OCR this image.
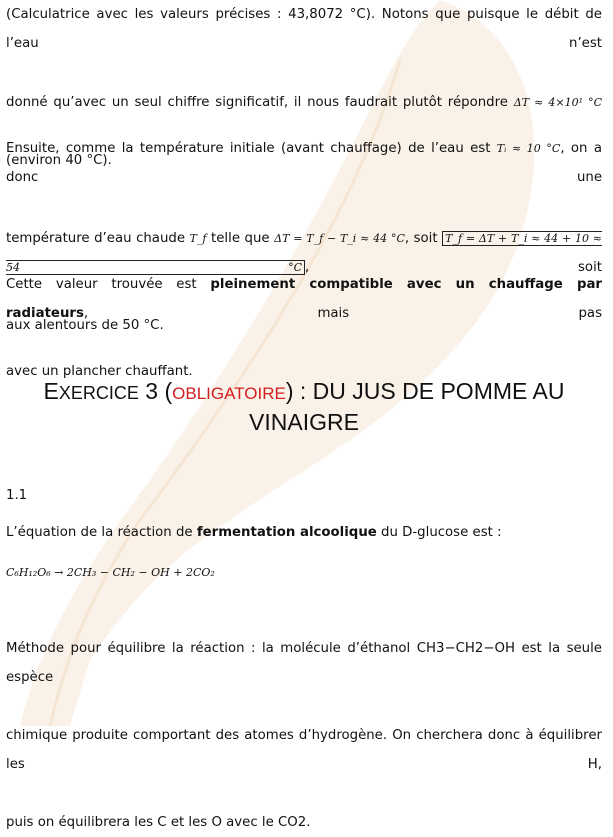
(Calculatrice avec les valeurs précises : 43,8072 °C). Notons que puisque le débit de l’eau n’est

donné qu’avec un seul chiffre significatif, il nous faudrait plutôt répondre ΔT ≈ 4×10¹ °C

(environ 40 °C).

Ensuite, comme la température initiale (avant chauffage) de l’eau est Tᵢ ≈ 10 °C, on a donc une

température d’eau chaude T_f telle que ΔT = T_f − T_i ≈ 44 °C, soit T_f = ΔT + T_i ≈ 44 + 10 ≈ 54 °C , soit

aux alentours de 50 °C.

Cette valeur trouvée est pleinement compatible avec un chauffage par radiateurs, mais pas

avec un plancher chauffant.

EXERCICE 3 (OBLIGATOIRE) : DU JUS DE POMME AU
VINAIGRE

1.1

L’équation de la réaction de fermentation alcoolique du D-glucose est :

C₆H₁₂O₆ → 2CH₃ − CH₂ − OH + 2CO₂

Méthode pour équilibre la réaction : la molécule d’éthanol CH3−CH2−OH est la seule espèce

chimique produite comportant des atomes d’hydrogène. On cherchera donc à équilibrer les H,

puis on équilibrera les C et les O avec le CO2.
